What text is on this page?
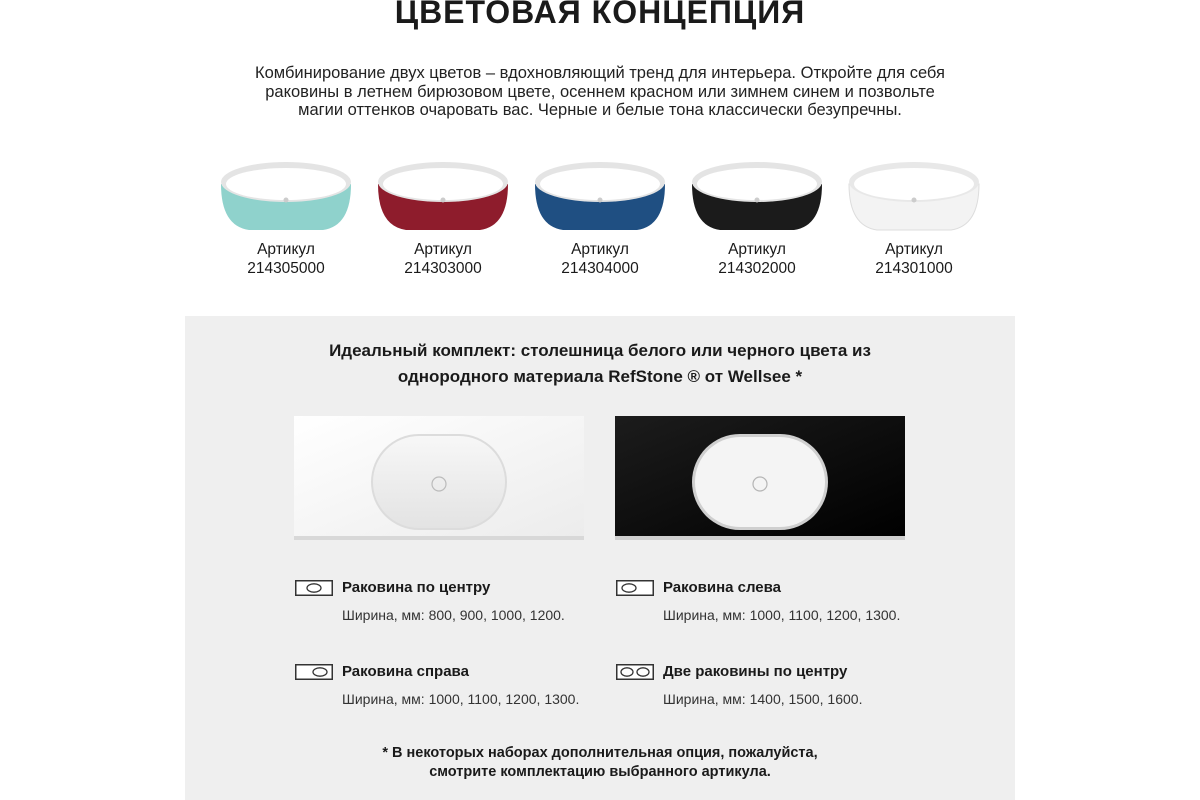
ЦВЕТОВАЯ КОНЦЕПЦИЯ
Комбинирование двух цветов – вдохновляющий тренд для интерьера. Откройте для себя
раковины в летнем бирюзовом цвете, осеннем красном или зимнем синем и позвольте
магии оттенков очаровать вас. Черные и белые тона классически безупречны.
Артикул
214305000
Артикул
214303000
Артикул
214304000
Артикул
214302000
Артикул
214301000
Идеальный комплект: столешница белого или черного цвета из
однородного материала RefStone ® от Wellsee *
Раковина по центру
Ширина, мм: 800, 900, 1000, 1200.
Раковина слева
Ширина, мм: 1000, 1100, 1200, 1300.
Раковина справа
Ширина, мм: 1000, 1100, 1200, 1300.
Две раковины по центру
Ширина, мм: 1400, 1500, 1600.
* В некоторых наборах дополнительная опция, пожалуйста,
смотрите комплектацию выбранного артикула.
